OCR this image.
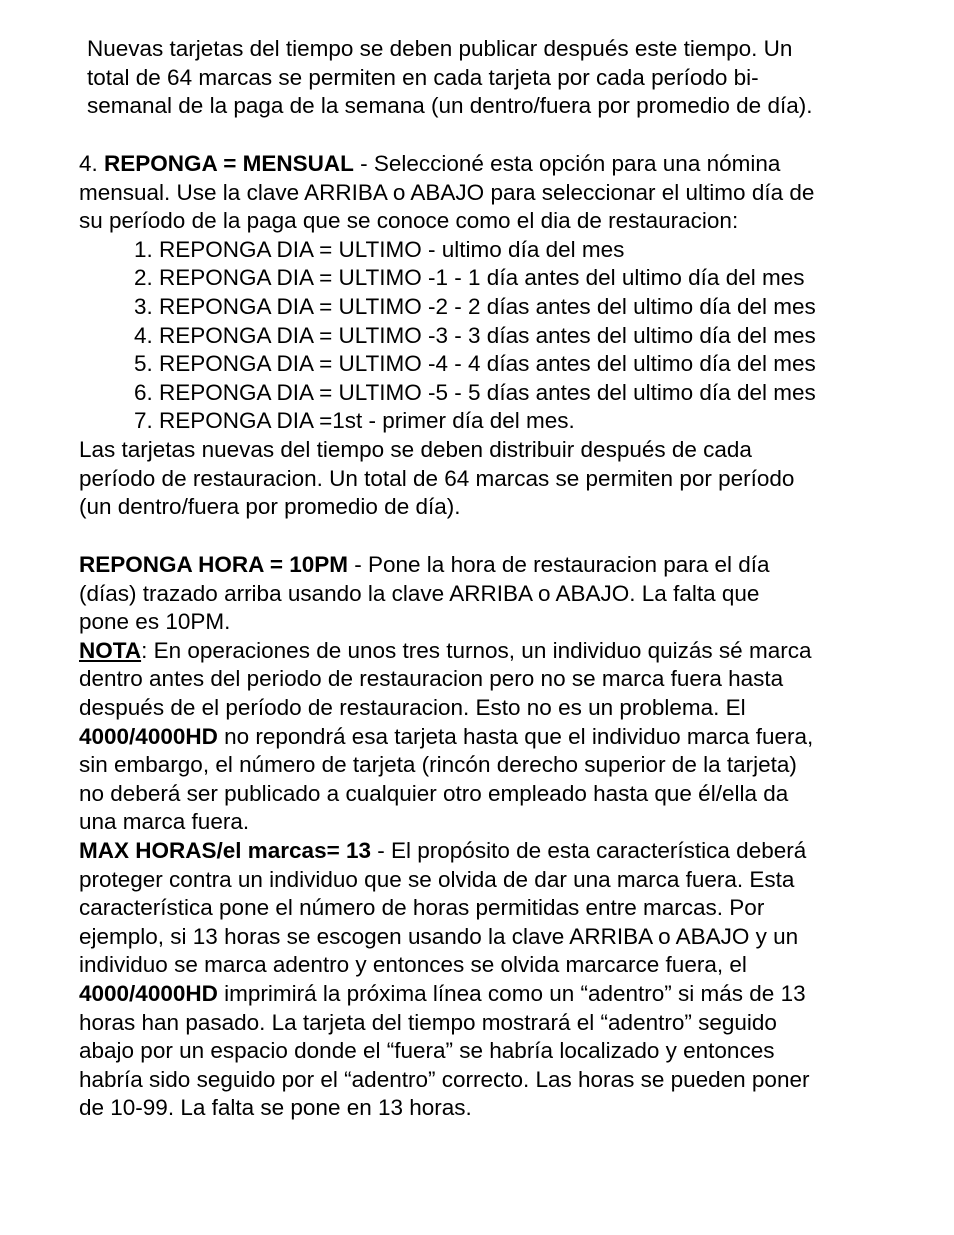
Nuevas tarjetas del tiempo se deben publicar después este tiempo. Un
total de 64 marcas se permiten en cada tarjeta por cada período bi-
semanal de la paga de la semana (un dentro/fuera por promedio de día).
4. REPONGA = MENSUAL - Seleccioné esta opción para una nómina
mensual. Use la clave ARRIBA o ABAJO para seleccionar el ultimo día de
su período de la paga que se conoce como el dia de restauracion:
1. REPONGA DIA = ULTIMO - ultimo día del mes
2. REPONGA DIA = ULTIMO -1 - 1 día antes del ultimo día del mes
3. REPONGA DIA = ULTIMO -2 - 2 días antes del ultimo día del mes
4. REPONGA DIA = ULTIMO -3 - 3 días antes del ultimo día del mes
5. REPONGA DIA = ULTIMO -4 - 4 días antes del ultimo día del mes
6. REPONGA DIA = ULTIMO -5 - 5 días antes del ultimo día del mes
7. REPONGA DIA =1st - primer día del mes.
Las tarjetas nuevas del tiempo se deben distribuir después de cada
período de restauracion. Un total de 64 marcas se permiten por período
(un dentro/fuera por promedio de día).
REPONGA HORA = 10PM - Pone la hora de restauracion para el día
(días) trazado arriba usando la clave ARRIBA o ABAJO. La falta que
pone es 10PM.
NOTA: En operaciones de unos tres turnos, un individuo quizás sé marca
dentro antes del periodo de restauracion pero no se marca fuera hasta
después de el período de restauracion. Esto no es un problema. El
4000/4000HD no repondrá esa tarjeta hasta que el individuo marca fuera,
sin embargo, el número de tarjeta (rincón derecho superior de la tarjeta)
no deberá ser publicado a cualquier otro empleado hasta que él/ella da
una marca fuera.
MAX HORAS/el marcas= 13 - El propósito de esta característica deberá
proteger contra un individuo que se olvida de dar una marca fuera. Esta
característica pone el número de horas permitidas entre marcas. Por
ejemplo, si 13 horas se escogen usando la clave ARRIBA o ABAJO y un
individuo se marca adentro y entonces se olvida marcarce fuera, el
4000/4000HD imprimirá la próxima línea como un “adentro” si más de 13
horas han pasado. La tarjeta del tiempo mostrará el “adentro” seguido
abajo por un espacio donde el “fuera” se habría localizado y entonces
habría sido seguido por el “adentro” correcto. Las horas se pueden poner
de 10-99. La falta se pone en 13 horas.
